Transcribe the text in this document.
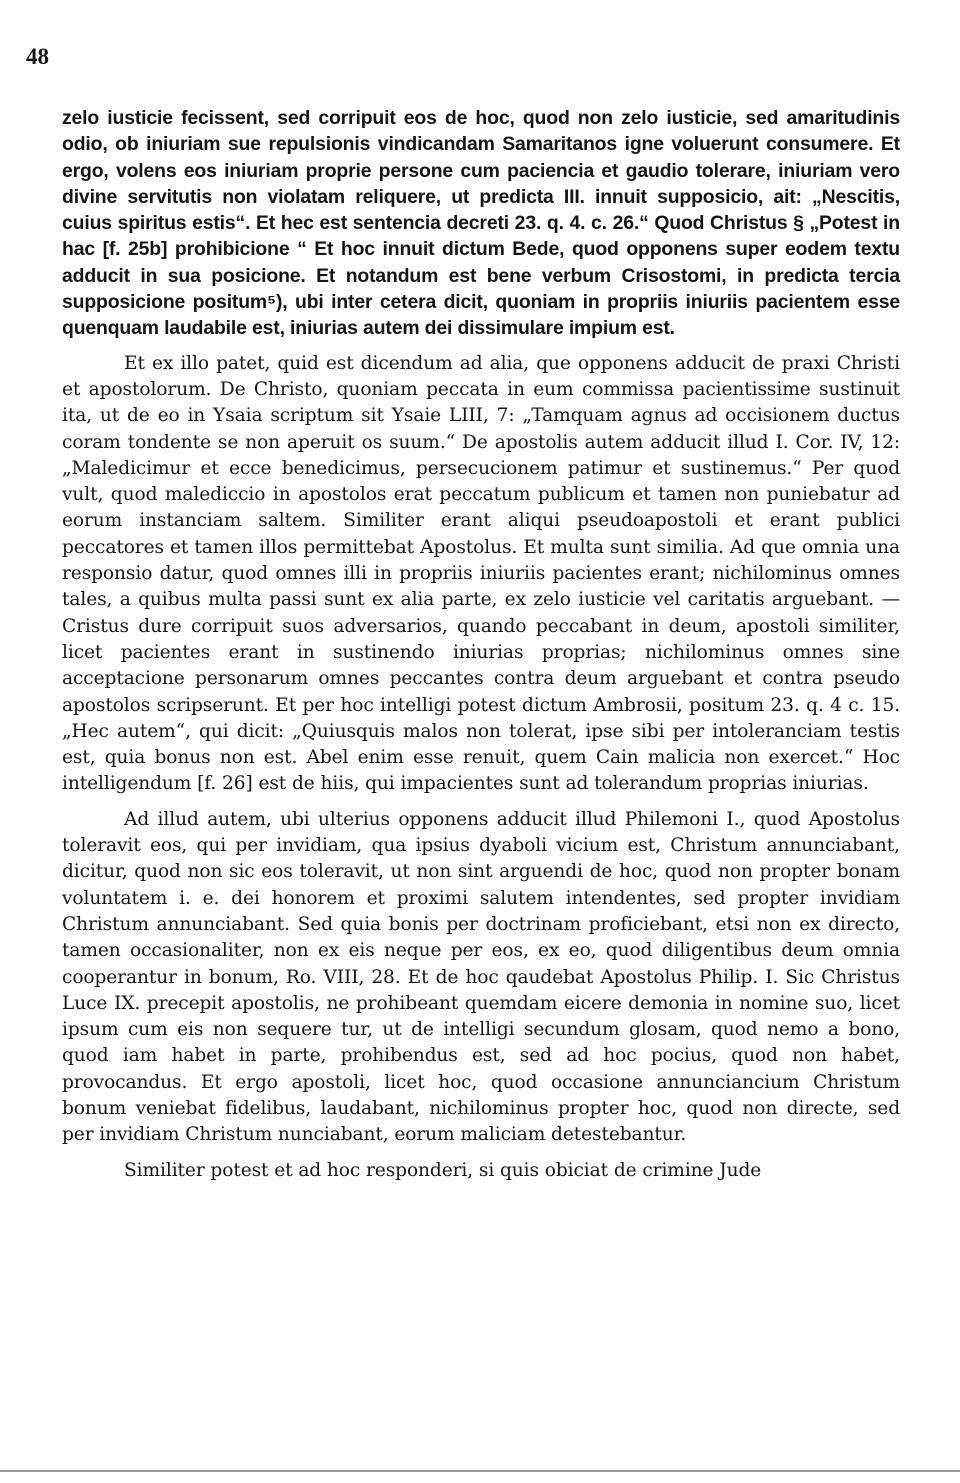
48

zelo iusticie fecissent, sed corripuit eos de hoc, quod non zelo iusticie, sed amaritudinis odio, ob iniuriam sue repulsionis vindicandam Samaritanos igne voluerunt consumere. Et ergo, volens eos iniuriam proprie persone cum paciencia et gaudio tolerare, iniuriam vero divine servitutis non violatam reliquere, ut predicta III. innuit supposicio, ait: „Nescitis, cuius spiritus estis“. Et hec est sentencia decreti 23. q. 4. c. 26.“ Quod Christus § „Potest in hac [f. 25b] prohibicione “ Et hoc innuit dictum Bede, quod opponens super eodem textu adducit in sua posicione. Et notandum est bene verbum Crisostomi, in predicta tercia supposicione positum⁵), ubi inter cetera dicit, quoniam in propriis iniuriis pacientem esse quenquam laudabile est, iniurias autem dei dissimulare impium est.

Et ex illo patet, quid est dicendum ad alia, que opponens adducit de praxi Christi et apostolorum. De Christo, quoniam peccata in eum commissa pacientissime sustinuit ita, ut de eo in Ysaia scriptum sit Ysaie LIII, 7: „Tamquam agnus ad occisionem ductus coram tondente se non aperuit os suum.“ De apostolis autem adducit illud I. Cor. IV, 12: „Maledicimur et ecce benedicimus, persecucionem patimur et sustinemus.“ Per quod vult, quod malediccio in apostolos erat peccatum publicum et tamen non puniebatur ad eorum instanciam saltem. Similiter erant aliqui pseudoapostoli et erant publici peccatores et tamen illos permittebat Apostolus. Et multa sunt similia. Ad que omnia una responsio datur, quod omnes illi in propriis iniuriis pacientes erant; nichilominus omnes tales, a quibus multa passi sunt ex alia parte, ex zelo iusticie vel caritatis arguebant. — Cristus dure corripuit suos adversarios, quando peccabant in deum, apostoli similiter, licet pacientes erant in sustinendo iniurias proprias; nichilominus omnes sine acceptacione personarum omnes peccantes contra deum arguebant et contra pseudo apostolos scripserunt. Et per hoc intelligi potest dictum Ambrosii, positum 23. q. 4 c. 15. „Hec autem“, qui dicit: „Quiusquis malos non tolerat, ipse sibi per intoleranciam testis est, quia bonus non est. Abel enim esse renuit, quem Cain malicia non exercet.“ Hoc intelligendum [f. 26] est de hiis, qui impacientes sunt ad tolerandum proprias iniurias.

Ad illud autem, ubi ulterius opponens adducit illud Philemoni I., quod Apostolus toleravit eos, qui per invidiam, qua ipsius dyaboli vicium est, Christum annunciabant, dicitur, quod non sic eos toleravit, ut non sint arguendi de hoc, quod non propter bonam voluntatem i. e. dei honorem et proximi salutem intendentes, sed propter invidiam Christum annunciabant. Sed quia bonis per doctrinam proficiebant, etsi non ex directo, tamen occasionaliter, non ex eis neque per eos, ex eo, quod diligentibus deum omnia cooperantur in bonum, Ro. VIII, 28. Et de hoc qaudebat Apostolus Philip. I. Sic Christus Luce IX. precepit apostolis, ne prohibeant quemdam eicere demonia in nomine suo, licet ipsum cum eis non sequere tur, ut de intelligi secundum glosam, quod nemo a bono, quod iam habet in parte, prohibendus est, sed ad hoc pocius, quod non habet, provocandus. Et ergo apostoli, licet hoc, quod occasione annunciancium Christum bonum veniebat fidelibus, laudabant, nichilominus propter hoc, quod non directe, sed per invidiam Christum nunciabant, eorum maliciam detestebantur.

Similiter potest et ad hoc responderi, si quis obiciat de crimine Jude
